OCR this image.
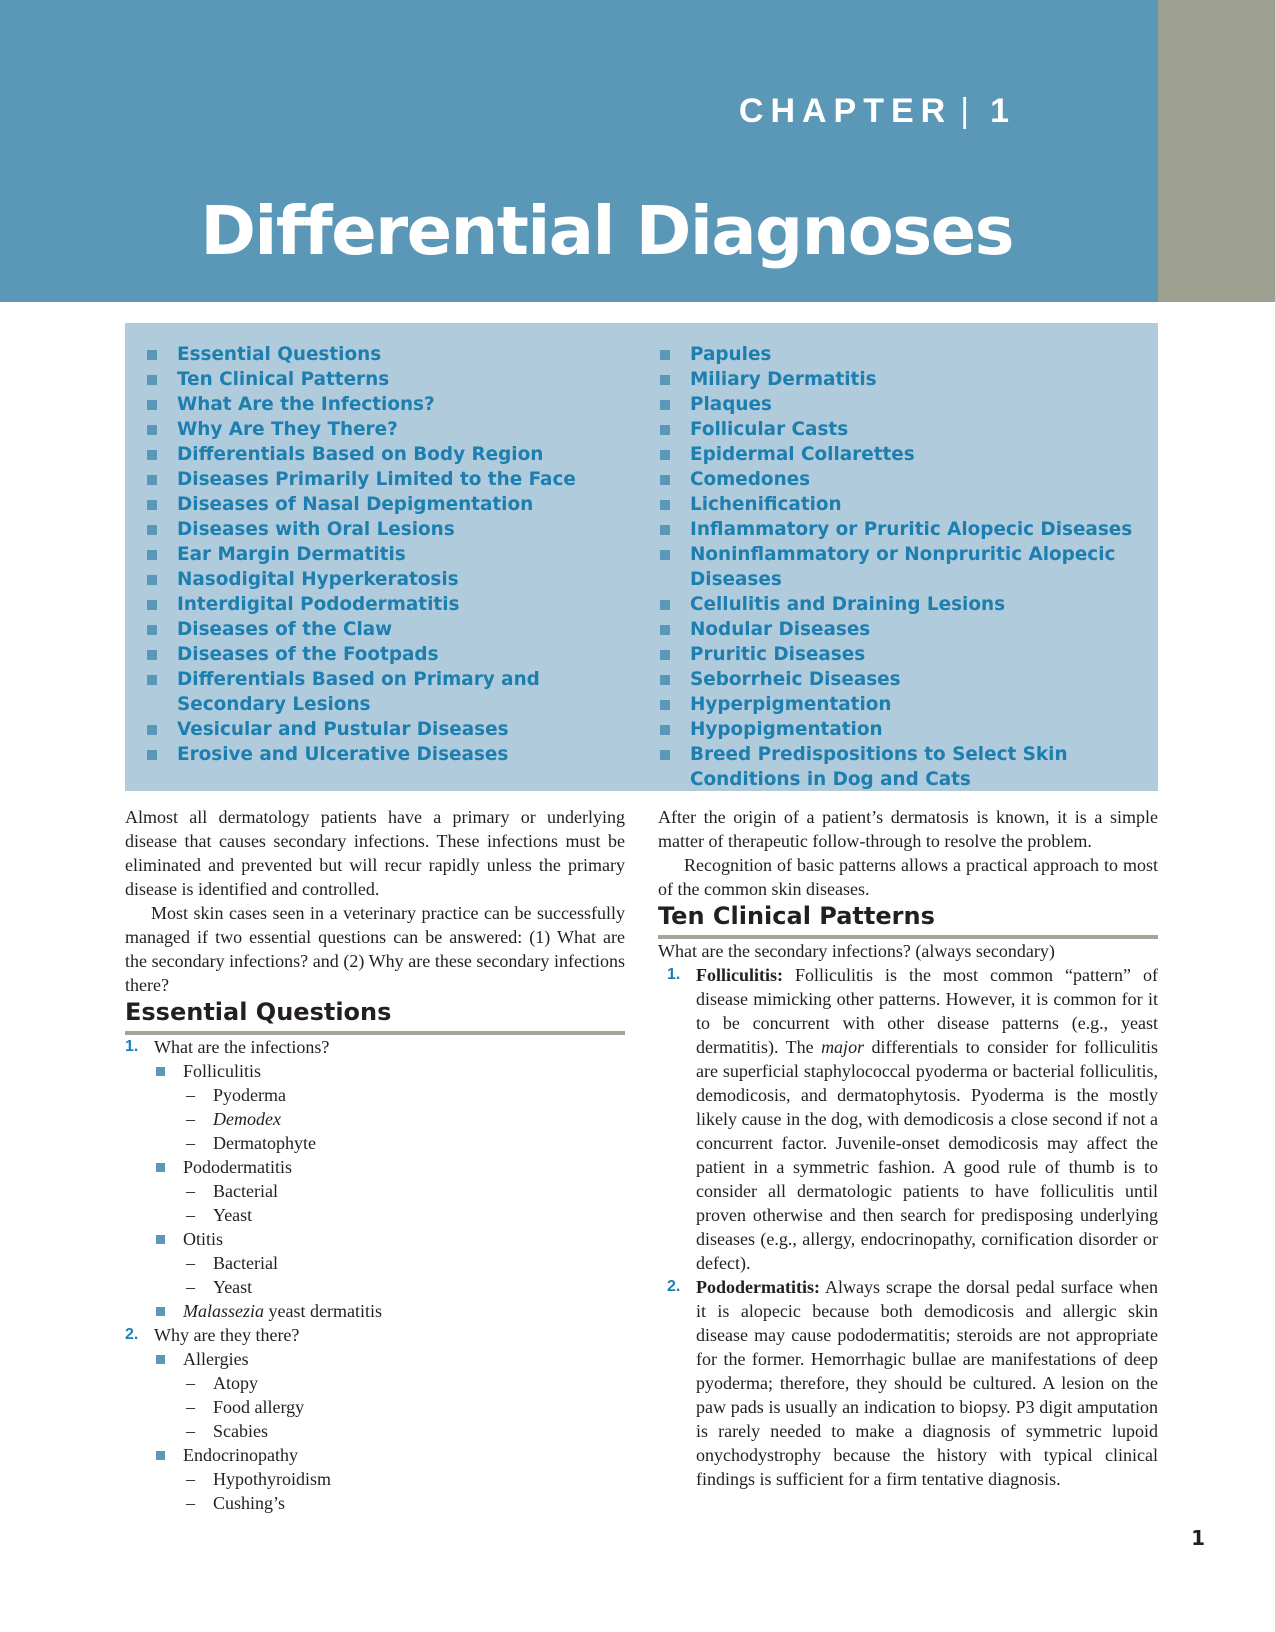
CHAPTER | 1
Differential Diagnoses
Essential Questions
Ten Clinical Patterns
What Are the Infections?
Why Are They There?
Differentials Based on Body Region
Diseases Primarily Limited to the Face
Diseases of Nasal Depigmentation
Diseases with Oral Lesions
Ear Margin Dermatitis
Nasodigital Hyperkeratosis
Interdigital Pododermatitis
Diseases of the Claw
Diseases of the Footpads
Differentials Based on Primary and Secondary Lesions
Vesicular and Pustular Diseases
Erosive and Ulcerative Diseases
Papules
Miliary Dermatitis
Plaques
Follicular Casts
Epidermal Collarettes
Comedones
Lichenification
Inflammatory or Pruritic Alopecic Diseases
Noninflammatory or Nonpruritic Alopecic Diseases
Cellulitis and Draining Lesions
Nodular Diseases
Pruritic Diseases
Seborrheic Diseases
Hyperpigmentation
Hypopigmentation
Breed Predispositions to Select Skin Conditions in Dog and Cats

Almost all dermatology patients have a primary or underlying disease that causes secondary infections. These infections must be eliminated and prevented but will recur rapidly unless the primary disease is identified and controlled.

Most skin cases seen in a veterinary practice can be successfully managed if two essential questions can be answered: (1) What are the secondary infections? and (2) Why are these secondary infections there?

Essential Questions
1. What are the infections?
Folliculitis
– Pyoderma
– Demodex
– Dermatophyte
Pododermatitis
– Bacterial
– Yeast
Otitis
– Bacterial
– Yeast
Malassezia yeast dermatitis
2. Why are they there?
Allergies
– Atopy
– Food allergy
– Scabies
Endocrinopathy
– Hypothyroidism
– Cushing’s

After the origin of a patient’s dermatosis is known, it is a simple matter of therapeutic follow-through to resolve the problem.

Recognition of basic patterns allows a practical approach to most of the common skin diseases.

Ten Clinical Patterns

What are the secondary infections? (always secondary)

1. Folliculitis: Folliculitis is the most common “pattern” of disease mimicking other patterns. However, it is common for it to be concurrent with other disease patterns (e.g., yeast dermatitis). The major differentials to consider for folliculitis are superficial staphylococcal pyoderma or bacterial folliculitis, demodicosis, and dermatophytosis. Pyoderma is the mostly likely cause in the dog, with demodicosis a close second if not a concurrent factor. Juvenile-onset demodicosis may affect the patient in a symmetric fashion. A good rule of thumb is to consider all dermatologic patients to have folliculitis until proven otherwise and then search for predisposing underlying diseases (e.g., allergy, endocrinopathy, cornification disorder or defect).
2. Pododermatitis: Always scrape the dorsal pedal surface when it is alopecic because both demodicosis and allergic skin disease may cause pododermatitis; steroids are not appropriate for the former. Hemorrhagic bullae are manifestations of deep pyoderma; therefore, they should be cultured. A lesion on the paw pads is usually an indication to biopsy. P3 digit amputation is rarely needed to make a diagnosis of symmetric lupoid onychodystrophy because the history with typical clinical findings is sufficient for a firm tentative diagnosis.
1
